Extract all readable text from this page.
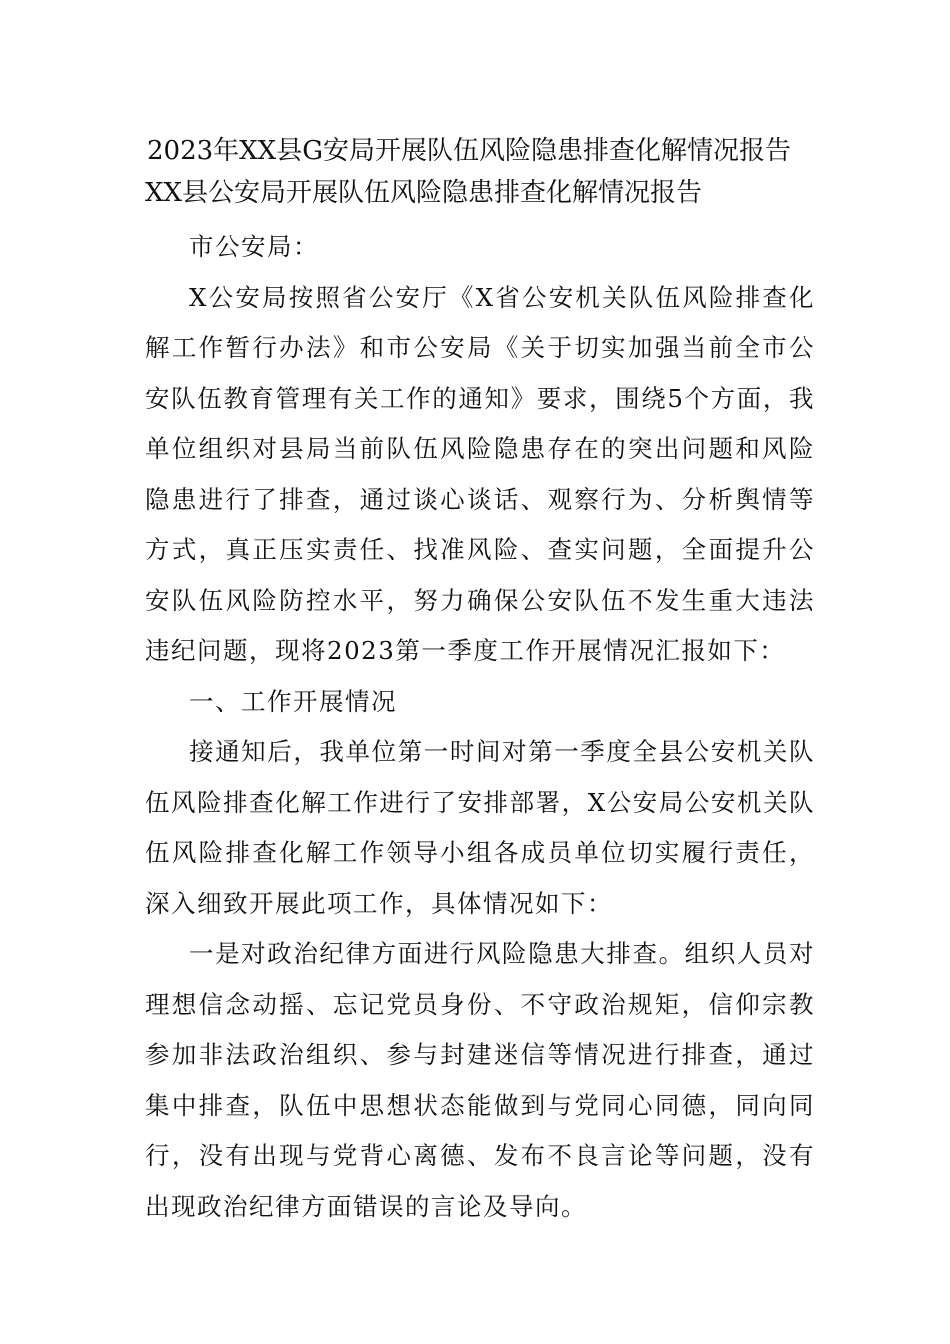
2023年XX县G安局开展队伍风险隐患排查化解情况报告
XX县公安局开展队伍风险隐患排查化解情况报告

市公安局：

X公安局按照省公安厅《X省公安机关队伍风险排查化解工作暂行办法》和市公安局《关于切实加强当前全市公安队伍教育管理有关工作的通知》要求，围绕5个方面，我单位组织对县局当前队伍风险隐患存在的突出问题和风险隐患进行了排查，通过谈心谈话、观察行为、分析舆情等方式，真正压实责任、找准风险、查实问题，全面提升公安队伍风险防控水平，努力确保公安队伍不发生重大违法违纪问题，现将2023第一季度工作开展情况汇报如下：

一、工作开展情况

接通知后，我单位第一时间对第一季度全县公安机关队伍风险排查化解工作进行了安排部署，X公安局公安机关队伍风险排查化解工作领导小组各成员单位切实履行责任，深入细致开展此项工作，具体情况如下：

一是对政治纪律方面进行风险隐患大排查。组织人员对理想信念动摇、忘记党员身份、不守政治规矩，信仰宗教参加非法政治组织、参与封建迷信等情况进行排查，通过集中排查，队伍中思想状态能做到与党同心同德，同向同行，没有出现与党背心离德、发布不良言论等问题，没有出现政治纪律方面错误的言论及导向。
